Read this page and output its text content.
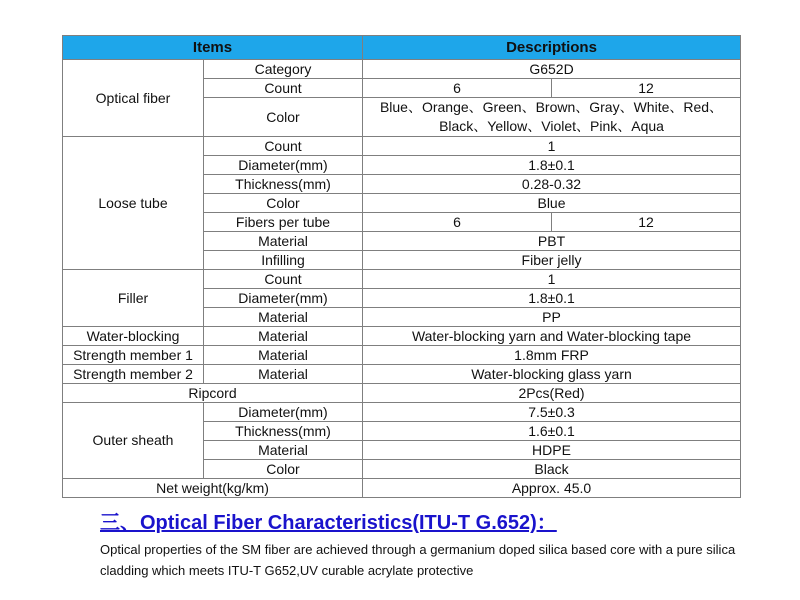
Items		Descriptions	
Optical fiber	Category	G652D	
	Count	6	12
	Color	Blue、Orange、Green、Brown、Gray、White、Red、Black、Yellow、Violet、Pink、Aqua	
Loose tube	Count	1	
	Diameter(mm)	1.8±0.1	
	Thickness(mm)	0.28-0.32	
	Color	Blue	
	Fibers per tube	6	12
	Material	PBT	
	Infilling	Fiber jelly	
Filler	Count	1	
	Diameter(mm)	1.8±0.1	
	Material	PP	
Water-blocking	Material	Water-blocking yarn and Water-blocking tape	
Strength member 1	Material	1.8mm FRP	
Strength member 2	Material	Water-blocking glass yarn	
Ripcord		2Pcs(Red)	
Outer sheath	Diameter(mm)	7.5±0.3	
	Thickness(mm)	1.6±0.1	
	Material	HDPE	
	Color	Black	
Net weight(kg/km)		Approx. 45.0	
三、Optical Fiber Characteristics(ITU-T G.652)：
Optical properties of the SM fiber are achieved through a germanium doped silica based core with a pure silica cladding which meets ITU-T G652,UV curable acrylate protective
